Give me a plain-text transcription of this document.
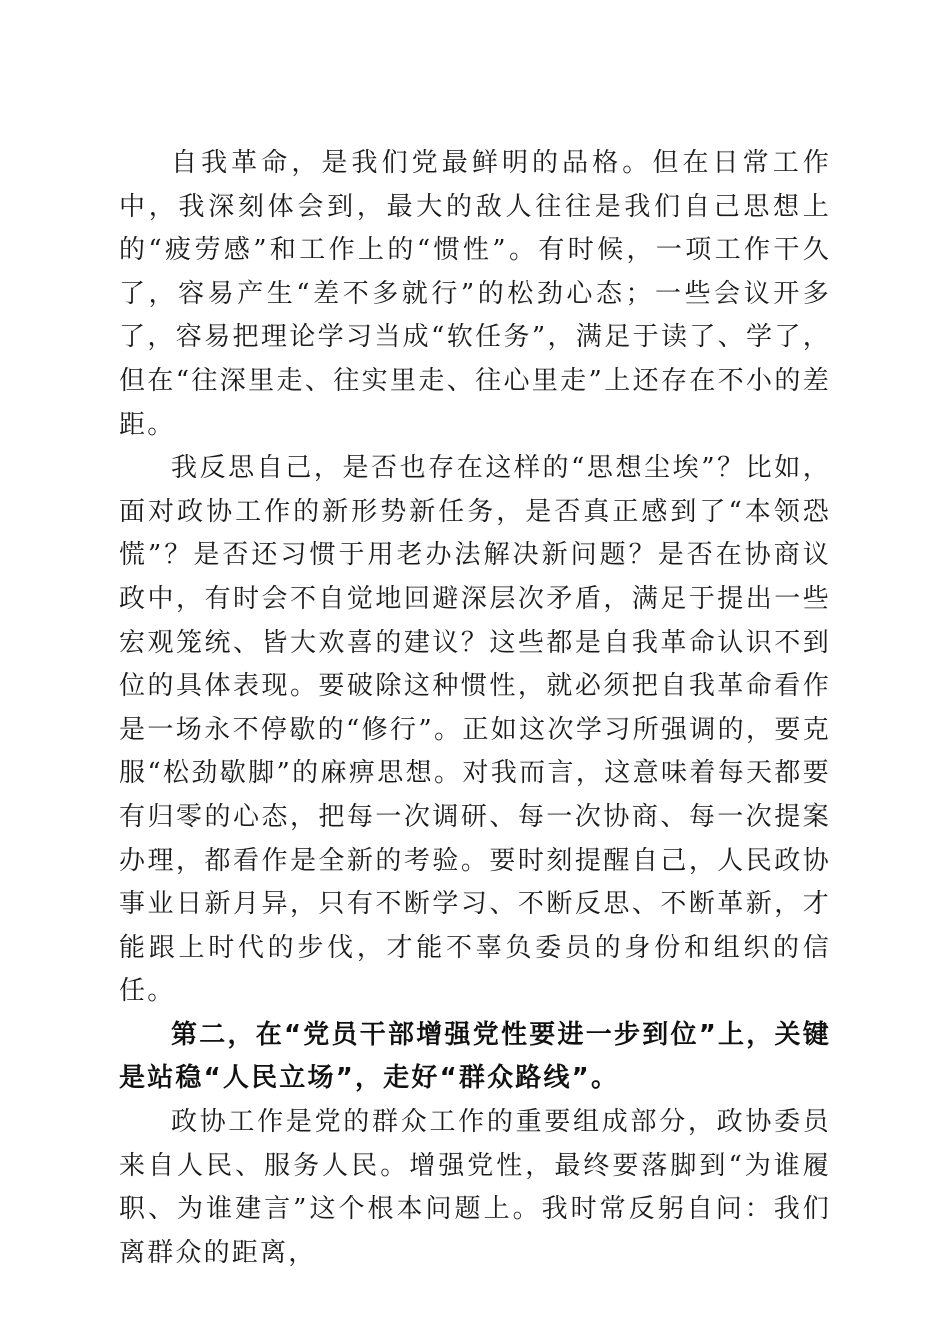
自我革命，是我们党最鲜明的品格。但在日常工作中，我深刻体会到，最大的敌人往往是我们自己思想上的“疲劳感”和工作上的“惯性”。有时候，一项工作干久了，容易产生“差不多就行”的松劲心态；一些会议开多了，容易把理论学习当成“软任务”，满足于读了、学了，但在“往深里走、往实里走、往心里走”上还存在不小的差距。

我反思自己，是否也存在这样的“思想尘埃”？比如，面对政协工作的新形势新任务，是否真正感到了“本领恐慌”？是否还习惯于用老办法解决新问题？是否在协商议政中，有时会不自觉地回避深层次矛盾，满足于提出一些宏观笼统、皆大欢喜的建议？这些都是自我革命认识不到位的具体表现。要破除这种惯性，就必须把自我革命看作是一场永不停歇的“修行”。正如这次学习所强调的，要克服“松劲歇脚”的麻痹思想。对我而言，这意味着每天都要有归零的心态，把每一次调研、每一次协商、每一次提案办理，都看作是全新的考验。要时刻提醒自己，人民政协事业日新月异，只有不断学习、不断反思、不断革新，才能跟上时代的步伐，才能不辜负委员的身份和组织的信任。

第二，在“党员干部增强党性要进一步到位”上，关键是站稳“人民立场”，走好“群众路线”。

政协工作是党的群众工作的重要组成部分，政协委员来自人民、服务人民。增强党性，最终要落脚到“为谁履职、为谁建言”这个根本问题上。我时常反躬自问：我们离群众的距离，
